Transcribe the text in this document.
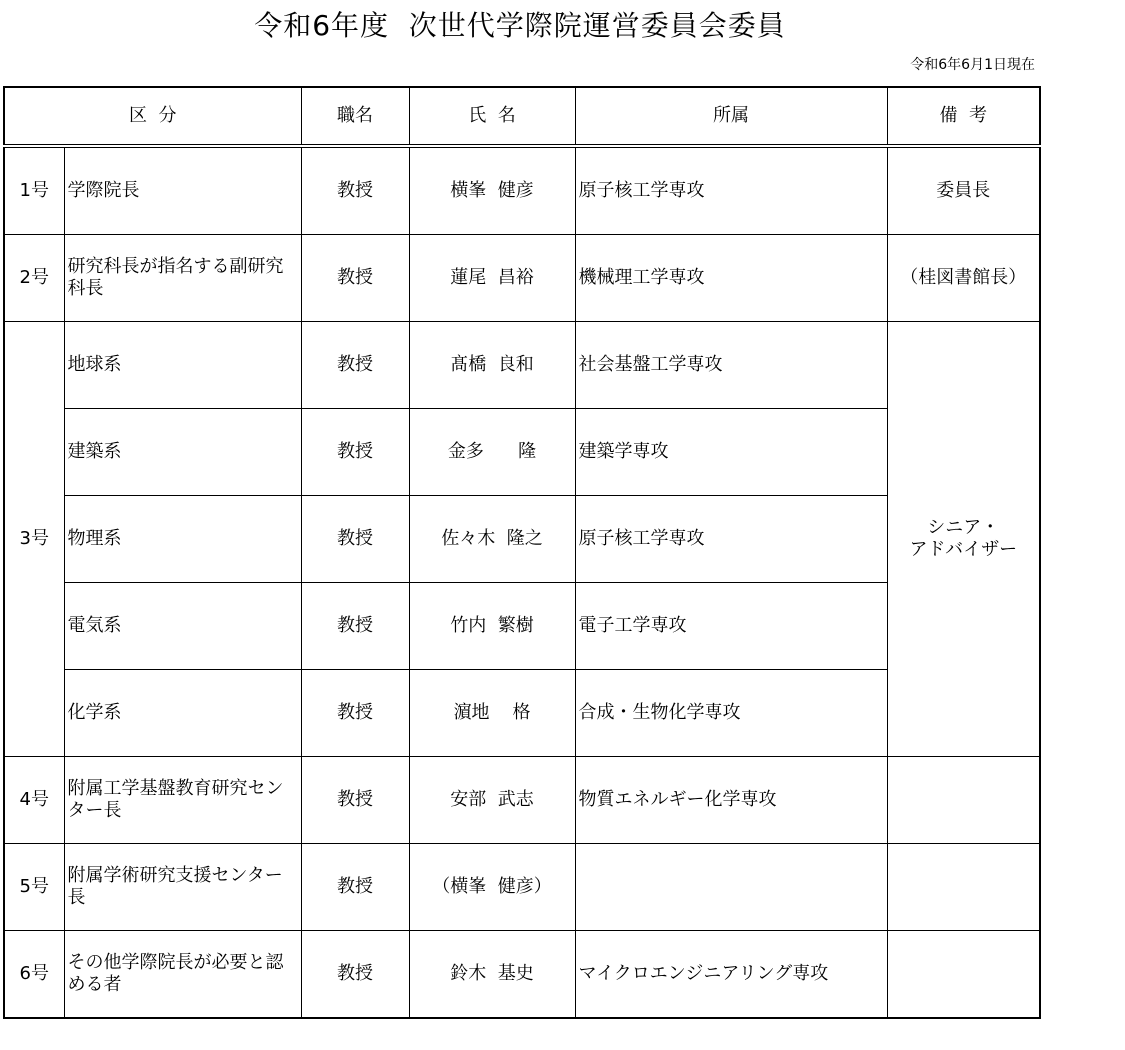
令和6年度  次世代学際院運営委員会委員
令和6年6月1日現在
区  分		職名	氏  名	所属	備  考
1号	学際院長	教授	横峯  健彦	原子核工学専攻	委員長
2号	研究科長が指名する副研究科長	教授	蓮尾  昌裕	機械理工学専攻	（桂図書館長）
3号	地球系	教授	髙橋  良和	社会基盤工学専攻	シニア・
アドバイザー
	建築系	教授	金多      隆	建築学専攻	
	物理系	教授	佐々木  隆之	原子核工学専攻	
	電気系	教授	竹内  繁樹	電子工学専攻	
	化学系	教授	濵地    格	合成・生物化学専攻	
4号	附属工学基盤教育研究センター長	教授	安部  武志	物質エネルギー化学専攻	
5号	附属学術研究支援センター長	教授	（横峯  健彦）		
6号	その他学際院長が必要と認める者	教授	鈴木  基史	マイクロエンジニアリング専攻	
